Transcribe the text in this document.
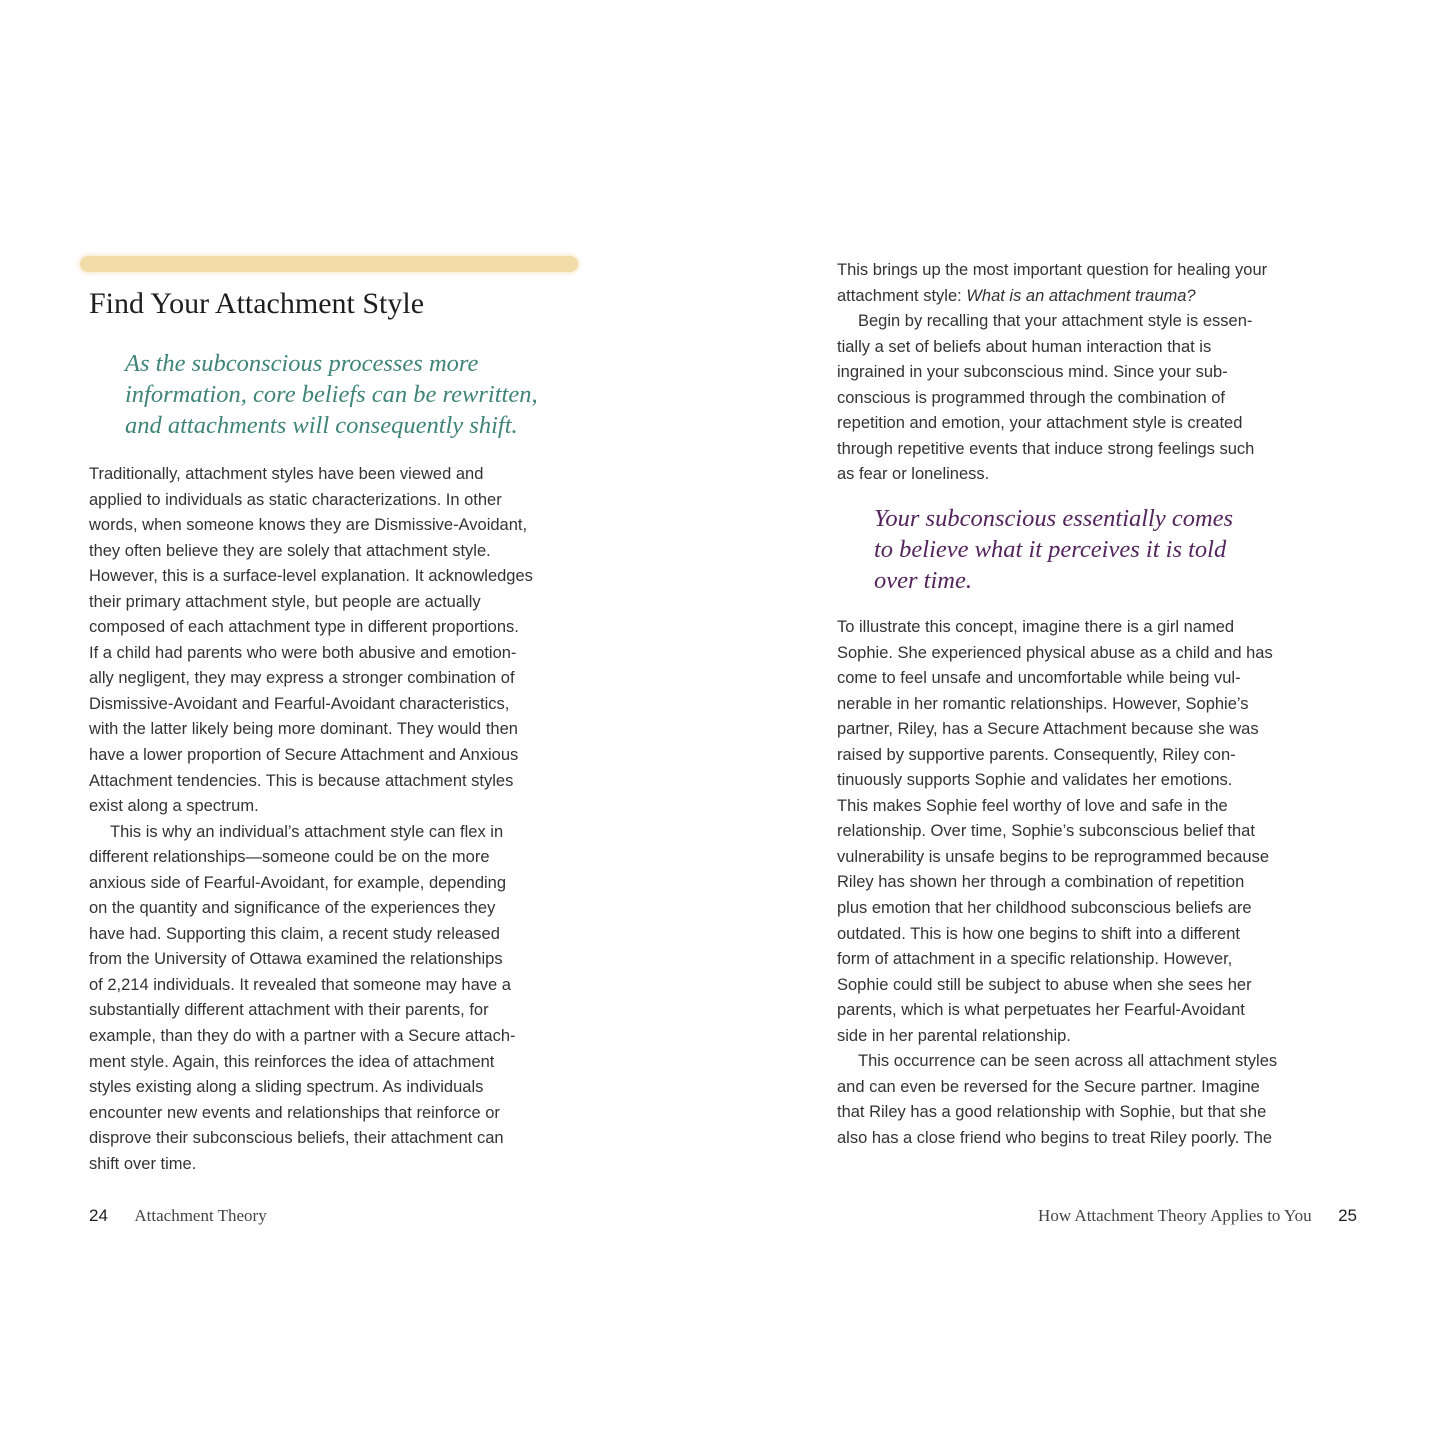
Find Your Attachment Style
As the subconscious processes more
information, core beliefs can be rewritten,
and attachments will consequently shift.
Traditionally, attachment styles have been viewed and
applied to individuals as static characterizations. In other
words, when someone knows they are Dismissive-Avoidant,
they often believe they are solely that attachment style.
However, this is a surface-level explanation. It acknowledges
their primary attachment style, but people are actually
composed of each attachment type in different proportions.
If a child had parents who were both abusive and emotion-
ally negligent, they may express a stronger combination of
Dismissive-Avoidant and Fearful-Avoidant characteristics,
with the latter likely being more dominant. They would then
have a lower proportion of Secure Attachment and Anxious
Attachment tendencies. This is because attachment styles
exist along a spectrum.
This is why an individual’s attachment style can flex in
different relationships—someone could be on the more
anxious side of Fearful-Avoidant, for example, depending
on the quantity and significance of the experiences they
have had. Supporting this claim, a recent study released
from the University of Ottawa examined the relationships
of 2,214 individuals. It revealed that someone may have a
substantially different attachment with their parents, for
example, than they do with a partner with a Secure attach-
ment style. Again, this reinforces the idea of attachment
styles existing along a sliding spectrum. As individuals
encounter new events and relationships that reinforce or
disprove their subconscious beliefs, their attachment can
shift over time.
24 Attachment Theory
This brings up the most important question for healing your
attachment style: What is an attachment trauma?
Begin by recalling that your attachment style is essen-
tially a set of beliefs about human interaction that is
ingrained in your subconscious mind. Since your sub-
conscious is programmed through the combination of
repetition and emotion, your attachment style is created
through repetitive events that induce strong feelings such
as fear or loneliness.
Your subconscious essentially comes
to believe what it perceives it is told
over time.
To illustrate this concept, imagine there is a girl named
Sophie. She experienced physical abuse as a child and has
come to feel unsafe and uncomfortable while being vul-
nerable in her romantic relationships. However, Sophie’s
partner, Riley, has a Secure Attachment because she was
raised by supportive parents. Consequently, Riley con-
tinuously supports Sophie and validates her emotions.
This makes Sophie feel worthy of love and safe in the
relationship. Over time, Sophie’s subconscious belief that
vulnerability is unsafe begins to be reprogrammed because
Riley has shown her through a combination of repetition
plus emotion that her childhood subconscious beliefs are
outdated. This is how one begins to shift into a different
form of attachment in a specific relationship. However,
Sophie could still be subject to abuse when she sees her
parents, which is what perpetuates her Fearful-Avoidant
side in her parental relationship.
This occurrence can be seen across all attachment styles
and can even be reversed for the Secure partner. Imagine
that Riley has a good relationship with Sophie, but that she
also has a close friend who begins to treat Riley poorly. The
How Attachment Theory Applies to You 25
